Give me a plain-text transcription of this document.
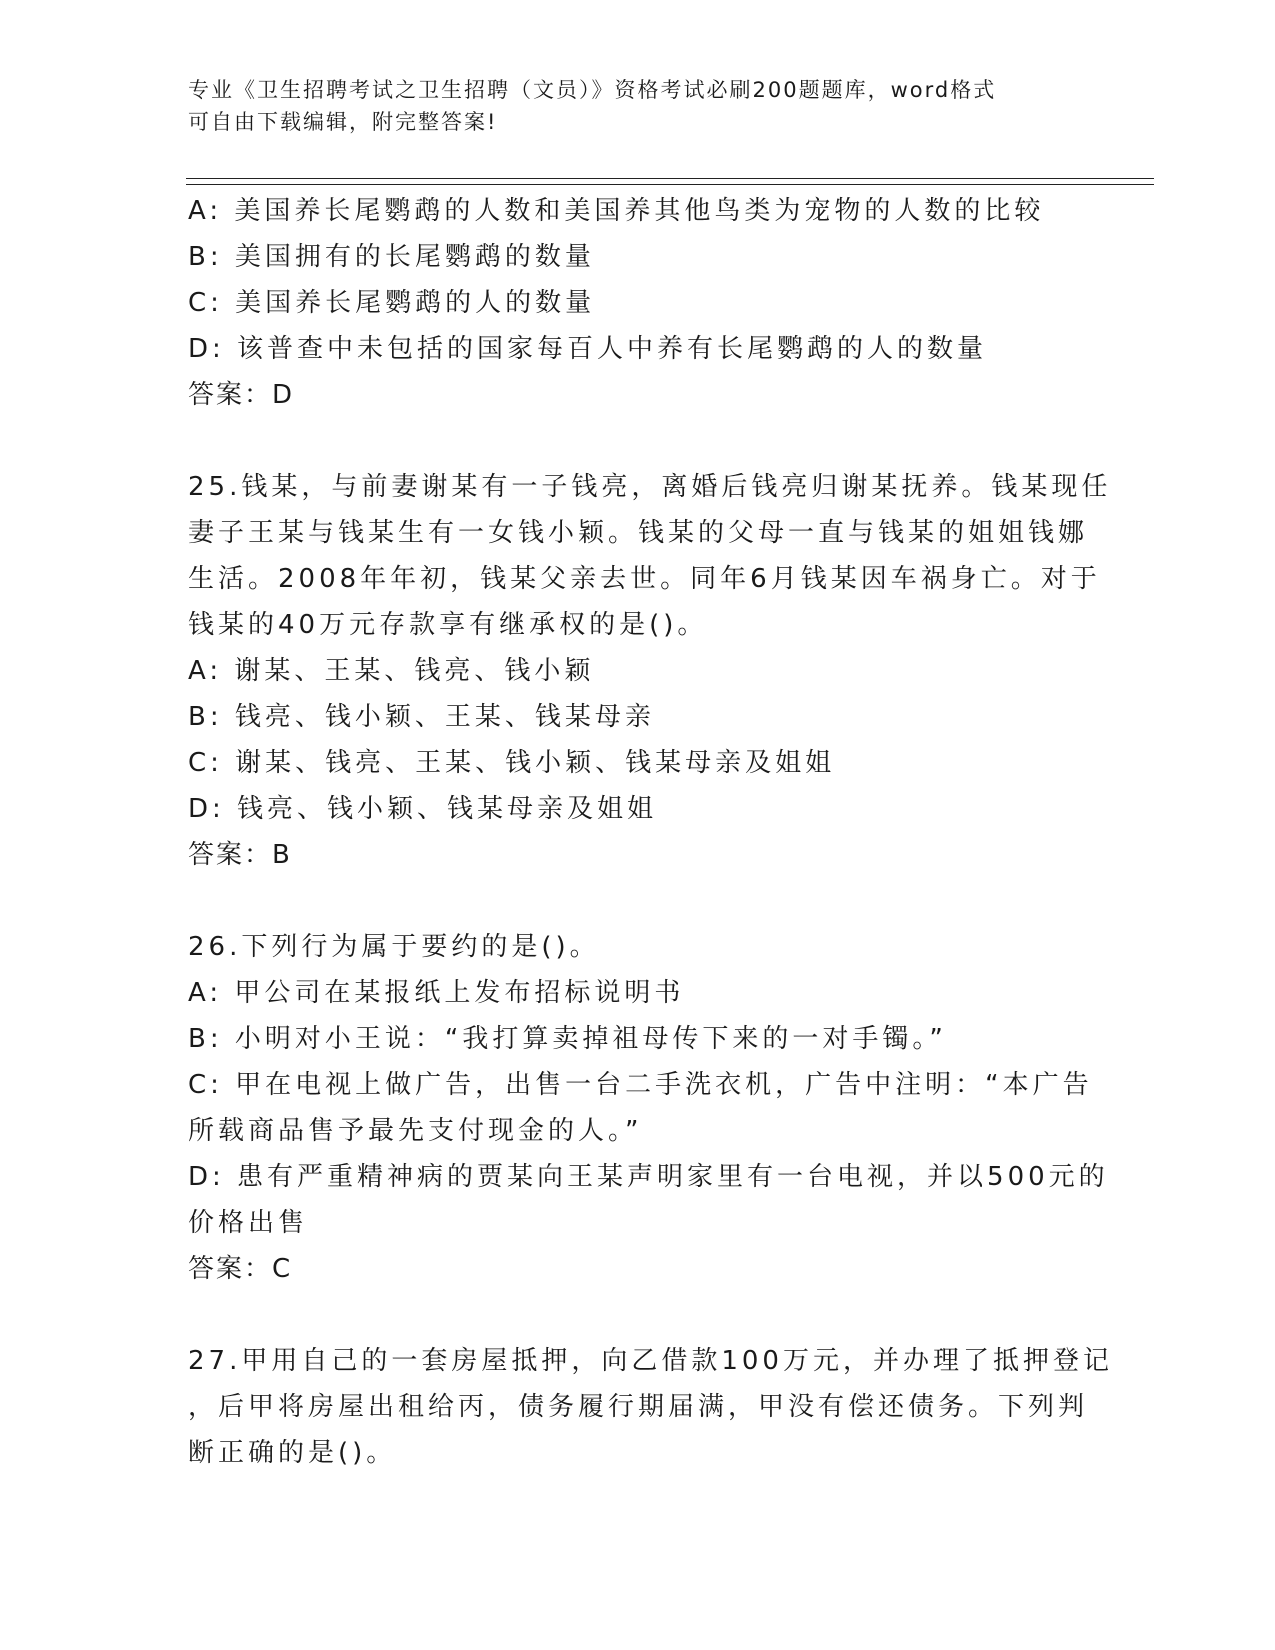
专业《卫生招聘考试之卫生招聘（文员）》资格考试必刷200题题库，word格式
可自由下载编辑，附完整答案!
A: 美国养长尾鹦鹉的人数和美国养其他鸟类为宠物的人数的比较
B: 美国拥有的长尾鹦鹉的数量
C: 美国养长尾鹦鹉的人的数量
D: 该普查中未包括的国家每百人中养有长尾鹦鹉的人的数量
答案：D
25.钱某，与前妻谢某有一子钱亮，离婚后钱亮归谢某抚养。钱某现任
妻子王某与钱某生有一女钱小颖。钱某的父母一直与钱某的姐姐钱娜
生活。2008年年初，钱某父亲去世。同年6月钱某因车祸身亡。对于
钱某的40万元存款享有继承权的是()。
A: 谢某、王某、钱亮、钱小颖
B: 钱亮、钱小颖、王某、钱某母亲
C: 谢某、钱亮、王某、钱小颖、钱某母亲及姐姐
D: 钱亮、钱小颖、钱某母亲及姐姐
答案：B
26.下列行为属于要约的是()。
A: 甲公司在某报纸上发布招标说明书
B: 小明对小王说：“我打算卖掉祖母传下来的一对手镯。”
C: 甲在电视上做广告，出售一台二手洗衣机，广告中注明：“本广告
所载商品售予最先支付现金的人。”
D: 患有严重精神病的贾某向王某声明家里有一台电视，并以500元的
价格出售
答案：C
27.甲用自己的一套房屋抵押，向乙借款100万元，并办理了抵押登记
，后甲将房屋出租给丙，债务履行期届满，甲没有偿还债务。下列判
断正确的是()。
